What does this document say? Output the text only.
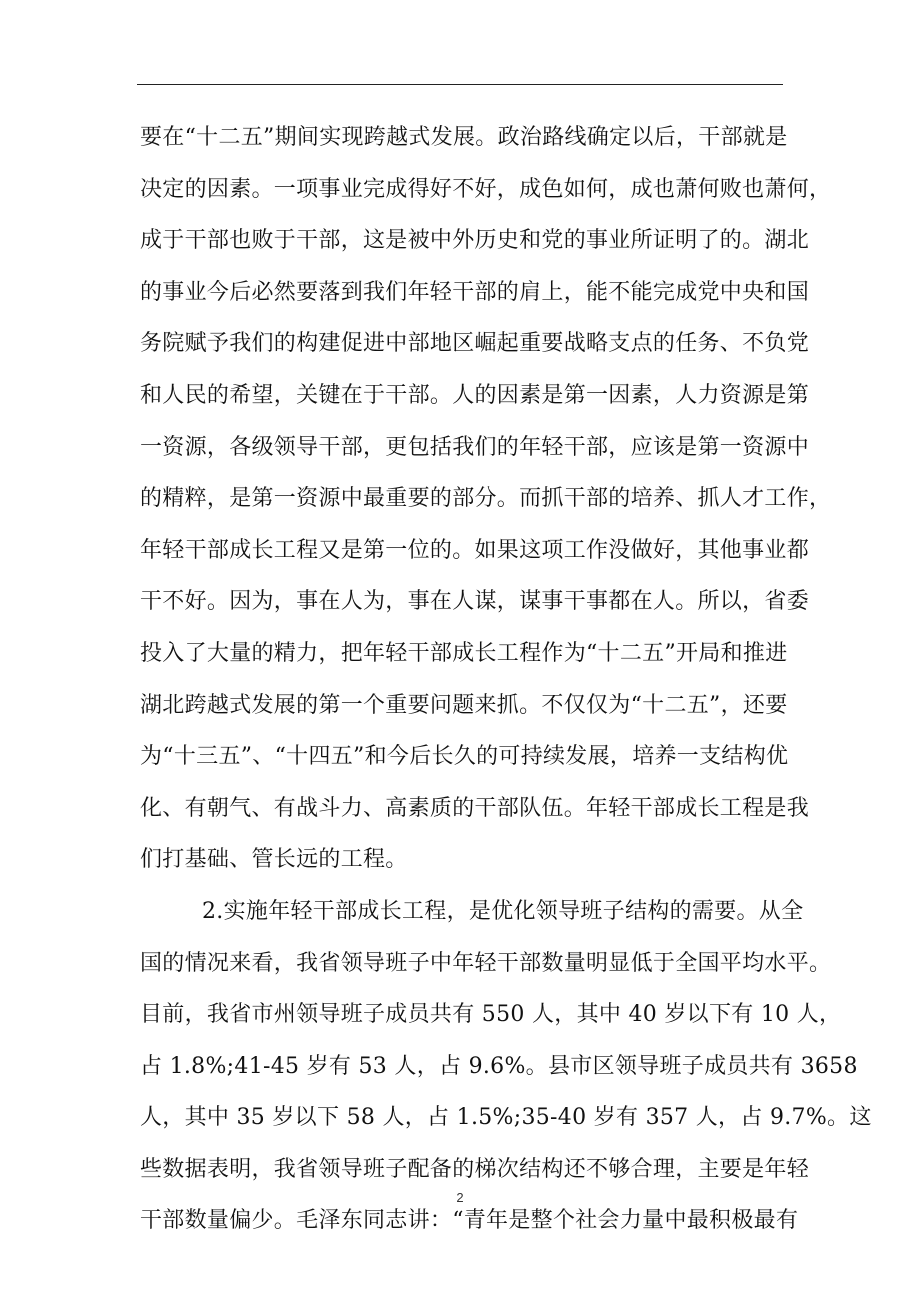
要在“十二五”期间实现跨越式发展。政治路线确定以后，干部就是
决定的因素。一项事业完成得好不好，成色如何，成也萧何败也萧何，
成于干部也败于干部，这是被中外历史和党的事业所证明了的。湖北
的事业今后必然要落到我们年轻干部的肩上，能不能完成党中央和国
务院赋予我们的构建促进中部地区崛起重要战略支点的任务、不负党
和人民的希望，关键在于干部。人的因素是第一因素，人力资源是第
一资源，各级领导干部，更包括我们的年轻干部，应该是第一资源中
的精粹，是第一资源中最重要的部分。而抓干部的培养、抓人才工作，
年轻干部成长工程又是第一位的。如果这项工作没做好，其他事业都
干不好。因为，事在人为，事在人谋，谋事干事都在人。所以，省委
投入了大量的精力，把年轻干部成长工程作为“十二五”开局和推进
湖北跨越式发展的第一个重要问题来抓。不仅仅为“十二五”，还要
为“十三五”、“十四五”和今后长久的可持续发展，培养一支结构优
化、有朝气、有战斗力、高素质的干部队伍。年轻干部成长工程是我
们打基础、管长远的工程。
2.实施年轻干部成长工程，是优化领导班子结构的需要。从全
国的情况来看，我省领导班子中年轻干部数量明显低于全国平均水平。
目前，我省市州领导班子成员共有 550 人，其中 40 岁以下有 10 人，
占 1.8%;41-45 岁有 53 人，占 9.6%。县市区领导班子成员共有 3658
人，其中 35 岁以下 58 人，占 1.5%;35-40 岁有 357 人，占 9.7%。这
些数据表明，我省领导班子配备的梯次结构还不够合理，主要是年轻
干部数量偏少。毛泽东同志讲：“青年是整个社会力量中最积极最有
2
